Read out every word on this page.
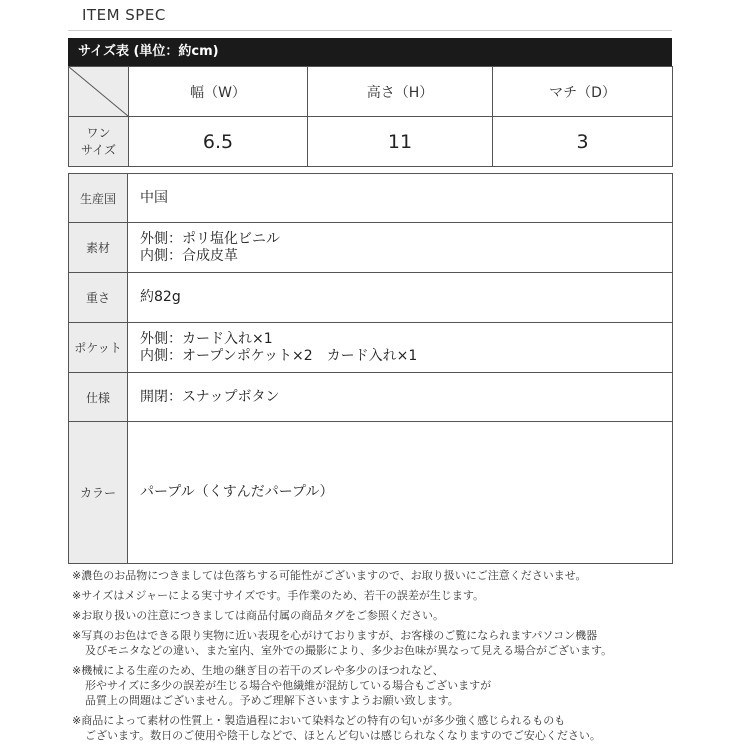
ITEM SPEC
サイズ表 (単位：約cm)
	幅（W）	高さ（H）	マチ（D）

ワン
サイズ	6.5	11	3
生産国	中国

素材	外側：ポリ塩化ビニル
内側：合成皮革

重さ	約82g

ポケット	外側：カード入れ×1
内側：オープンポケット×2　カード入れ×1

仕様	開閉：スナップボタン

カラー	パープル（くすんだパープル）
※濃色のお品物につきましては色落ちする可能性がございますので、お取り扱いにご注意くださいませ。
※サイズはメジャーによる実寸サイズです。手作業のため、若干の誤差が生じます。
※お取り扱いの注意につきましては商品付属の商品タグをご参照ください。
※写真のお色はできる限り実物に近い表現を心がけておりますが、お客様のご覧になられますパソコン機器
及びモニタなどの違い、また室内、室外での撮影により、多少お色味が異なって見える場合がございます。
※機械による生産のため、生地の継ぎ目の若干のズレや多少のほつれなど、
形やサイズに多少の誤差が生じる場合や他繊維が混紡している場合もございますが
品質上の問題はございません。予めご理解下さいますようお願い致します。
※商品によって素材の性質上・製造過程において染料などの特有の匂いが多少強く感じられるものも
ございます。数日のご使用や陰干しなどで、ほとんど匂いは感じられなくなりますのでご安心ください。
